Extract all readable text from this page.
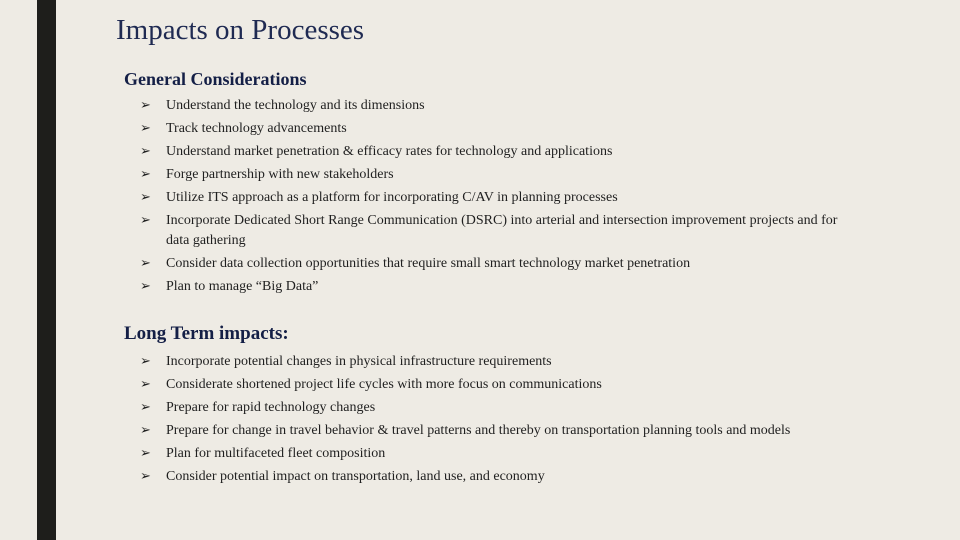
Impacts on Processes

General Considerations

➢ Understand the technology and its dimensions
➢ Track technology advancements
➢ Understand market penetration & efficacy rates for technology and applications
➢ Forge partnership with new stakeholders
➢ Utilize ITS approach as a platform for incorporating C/AV in planning processes
➢ Incorporate Dedicated Short Range Communication (DSRC) into arterial and intersection improvement projects and for data gathering
➢ Consider data collection opportunities that require small smart technology market penetration
➢ Plan to manage “Big Data”

Long Term impacts:

➢ Incorporate potential changes in physical infrastructure requirements
➢ Considerate shortened project life cycles with more focus on communications
➢ Prepare for rapid technology changes
➢ Prepare for change in travel behavior & travel patterns and thereby on transportation planning tools and models
➢ Plan for multifaceted fleet composition
➢ Consider potential impact on transportation, land use, and economy
